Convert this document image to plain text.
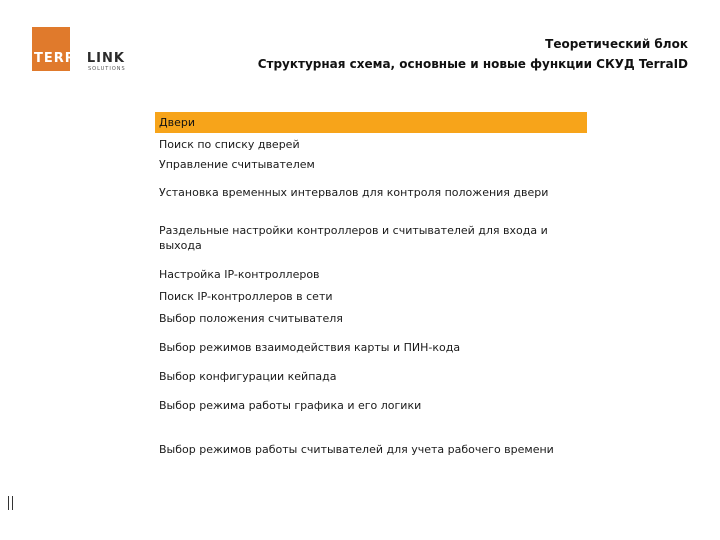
TERRALINK
SOLUTIONS
Теоретический блок
Структурная схема, основные и новые функции СКУД TerraID
Двери
Поиск по списку дверей
Управление считывателем
Установка временных интервалов для контроля положения двери
Раздельные настройки контроллеров и считывателей для входа и выхода
Настройка IP-контроллеров
Поиск IP-контроллеров в сети
Выбор положения считывателя
Выбор режимов взаимодействия карты и ПИН-кода
Выбор конфигурации кейпада
Выбор режима работы графика и его логики
Выбор режимов работы считывателей для учета рабочего времени
